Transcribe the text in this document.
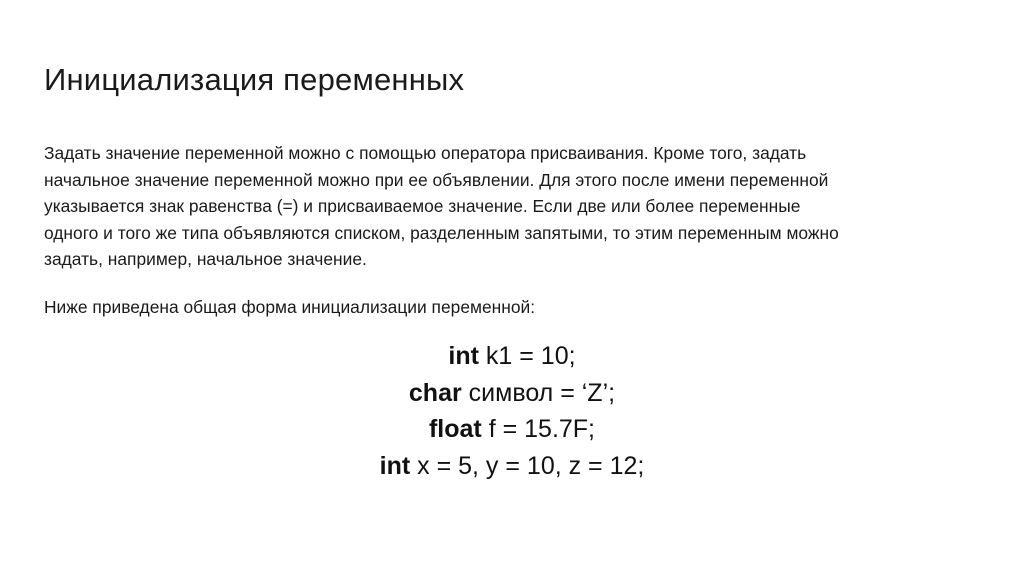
Инициализация переменных
Задать значение переменной можно с помощью оператора присваивания. Кроме того, задать
начальное значение переменной можно при ее объявлении. Для этого после имени переменной
указывается знак равенства (=) и присваиваемое значение. Если две или более переменные
одного и того же типа объявляются списком, разделенным запятыми, то этим переменным можно
задать, например, начальное значение.
Ниже приведена общая форма инициализации переменной:
int k1 = 10;
char символ = ‘Z’;
float f = 15.7F;
int x = 5, y = 10, z = 12;
